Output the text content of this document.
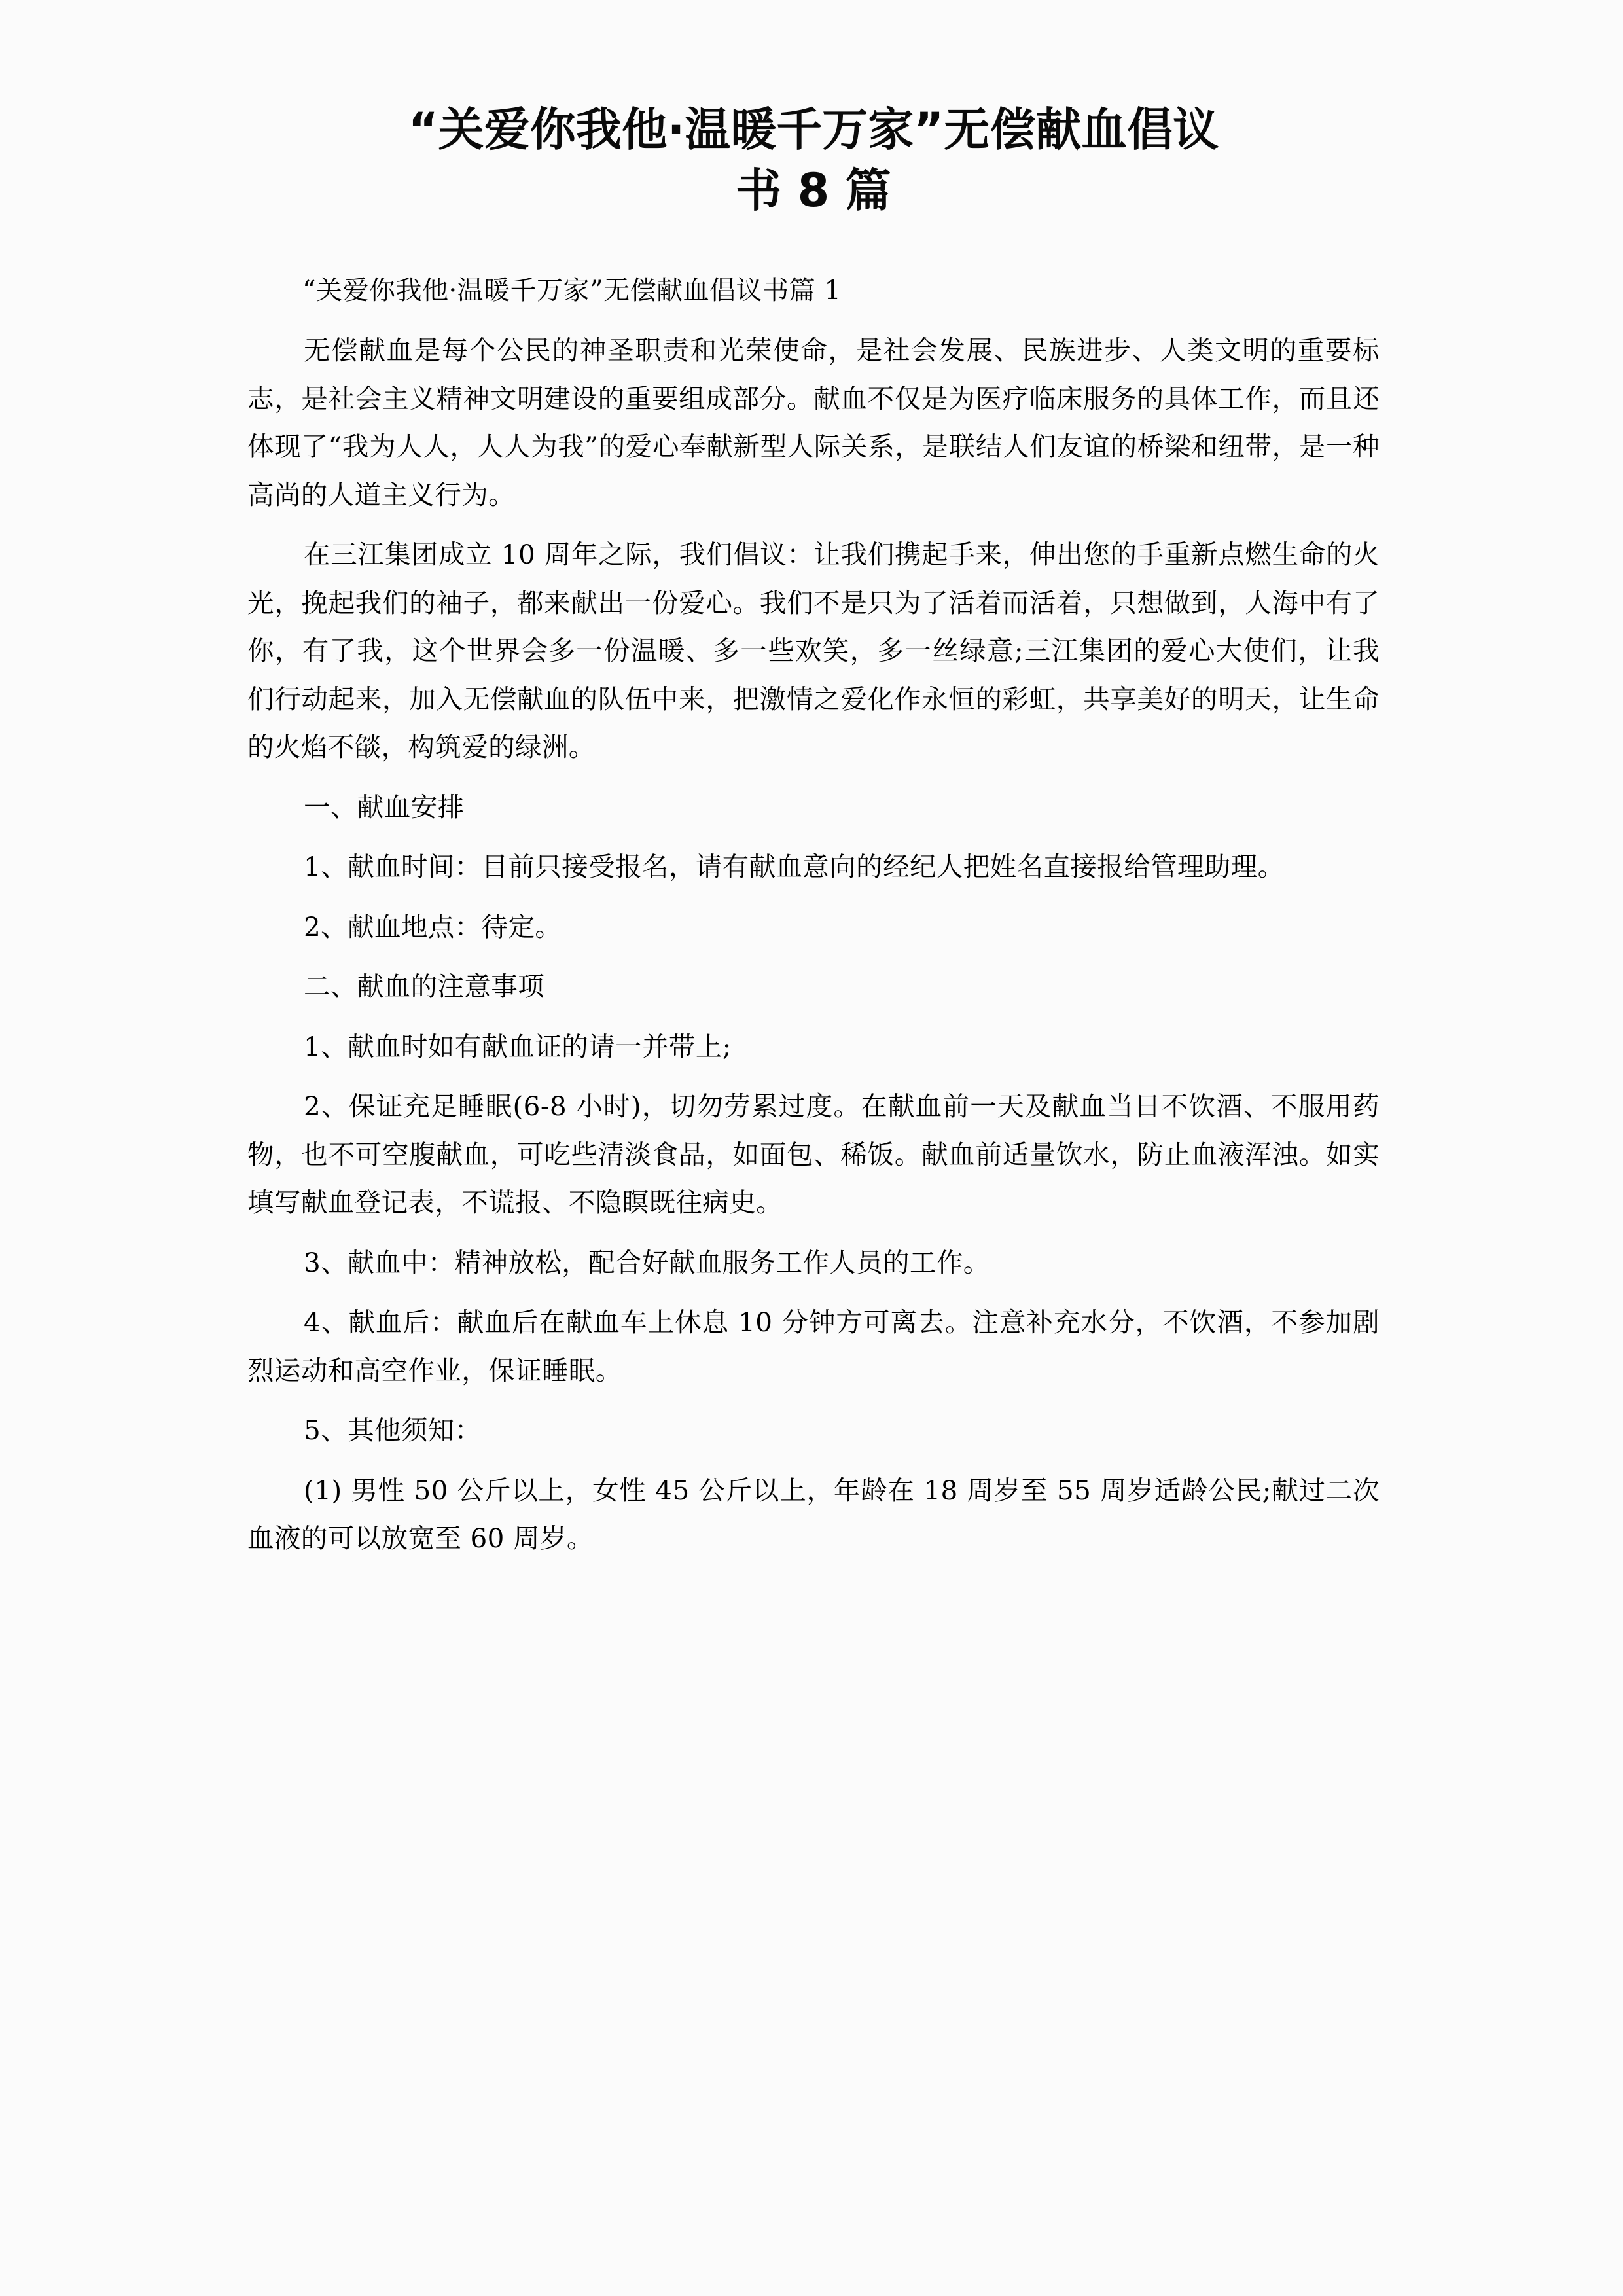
“关爱你我他·温暖千万家”无偿献血倡议
书 8 篇

“关爱你我他·温暖千万家”无偿献血倡议书篇 1

无偿献血是每个公民的神圣职责和光荣使命，是社会发展、民族进步、人类文明的重要标志，是社会主义精神文明建设的重要组成部分。献血不仅是为医疗临床服务的具体工作，而且还体现了“我为人人，人人为我”的爱心奉献新型人际关系，是联结人们友谊的桥梁和纽带，是一种高尚的人道主义行为。

在三江集团成立 10 周年之际，我们倡议：让我们携起手来，伸出您的手重新点燃生命的火光，挽起我们的袖子，都来献出一份爱心。我们不是只为了活着而活着，只想做到，人海中有了你，有了我，这个世界会多一份温暖、多一些欢笑，多一丝绿意;三江集团的爱心大使们，让我们行动起来，加入无偿献血的队伍中来，把激情之爱化作永恒的彩虹，共享美好的明天，让生命的火焰不燄，构筑爱的绿洲。

一、献血安排

1、献血时间：目前只接受报名，请有献血意向的经纪人把姓名直接报给管理助理。

2、献血地点：待定。

二、献血的注意事项

1、献血时如有献血证的请一并带上;

2、保证充足睡眠(6-8 小时)，切勿劳累过度。在献血前一天及献血当日不饮酒、不服用药物，也不可空腹献血，可吃些清淡食品，如面包、稀饭。献血前适量饮水，防止血液浑浊。如实填写献血登记表，不谎报、不隐瞑既往病史。

3、献血中：精神放松，配合好献血服务工作人员的工作。

4、献血后：献血后在献血车上休息 10 分钟方可离去。注意补充水分，不饮酒，不参加剧烈运动和高空作业，保证睡眠。

5、其他须知：

(1) 男性 50 公斤以上，女性 45 公斤以上，年龄在 18 周岁至 55 周岁适龄公民;献过二次血液的可以放宽至 60 周岁。
